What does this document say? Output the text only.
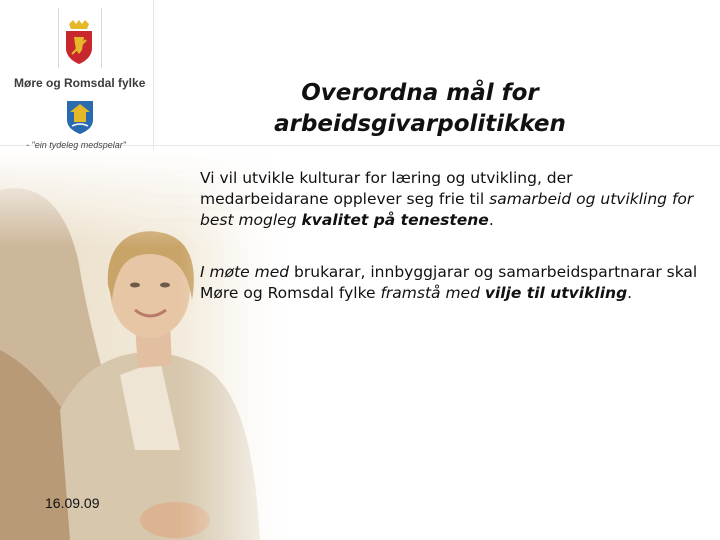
Møre og Romsdal fylke
- "ein tydeleg medspelar"
Overordna mål for
arbeidsgivarpolitikken
Vi vil utvikle kulturar for læring og utvikling, der medarbeidarane opplever seg frie til samarbeid og utvikling for best mogleg kvalitet på tenestene.
I møte med brukarar, innbyggjarar og samarbeidspartnarar skal Møre og Romsdal fylke framstå med vilje til utvikling.
16.09.09
